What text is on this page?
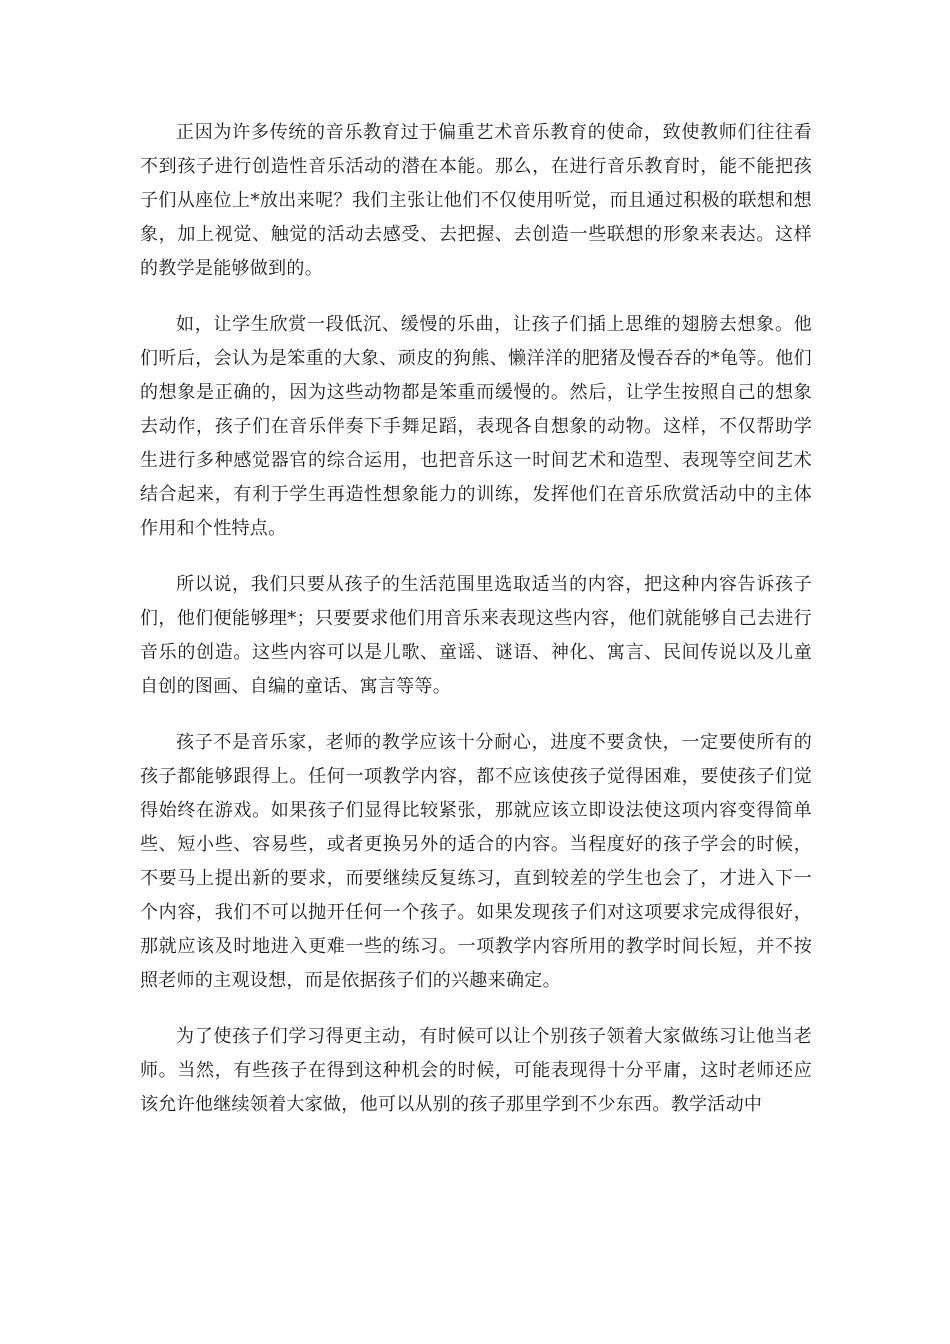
正因为许多传统的音乐教育过于偏重艺术音乐教育的使命，致使教师们往往看不到孩子进行创造性音乐活动的潜在本能。那么，在进行音乐教育时，能不能把孩子们从座位上*放出来呢？我们主张让他们不仅使用听觉，而且通过积极的联想和想象，加上视觉、触觉的活动去感受、去把握、去创造一些联想的形象来表达。这样的教学是能够做到的。

如，让学生欣赏一段低沉、缓慢的乐曲，让孩子们插上思维的翅膀去想象。他们听后，会认为是笨重的大象、顽皮的狗熊、懒洋洋的肥猪及慢吞吞的*龟等。他们的想象是正确的，因为这些动物都是笨重而缓慢的。然后，让学生按照自己的想象去动作，孩子们在音乐伴奏下手舞足蹈，表现各自想象的动物。这样，不仅帮助学生进行多种感觉器官的综合运用，也把音乐这一时间艺术和造型、表现等空间艺术结合起来，有利于学生再造性想象能力的训练，发挥他们在音乐欣赏活动中的主体作用和个性特点。

所以说，我们只要从孩子的生活范围里选取适当的内容，把这种内容告诉孩子们，他们便能够理*；只要要求他们用音乐来表现这些内容，他们就能够自己去进行音乐的创造。这些内容可以是儿歌、童谣、谜语、神化、寓言、民间传说以及儿童自创的图画、自编的童话、寓言等等。

孩子不是音乐家，老师的教学应该十分耐心，进度不要贪快，一定要使所有的孩子都能够跟得上。任何一项教学内容，都不应该使孩子觉得困难，要使孩子们觉得始终在游戏。如果孩子们显得比较紧张，那就应该立即设法使这项内容变得简单些、短小些、容易些，或者更换另外的适合的内容。当程度好的孩子学会的时候，不要马上提出新的要求，而要继续反复练习，直到较差的学生也会了，才进入下一个内容，我们不可以抛开任何一个孩子。如果发现孩子们对这项要求完成得很好，那就应该及时地进入更难一些的练习。一项教学内容所用的教学时间长短，并不按照老师的主观设想，而是依据孩子们的兴趣来确定。

为了使孩子们学习得更主动，有时候可以让个别孩子领着大家做练习让他当老师。当然，有些孩子在得到这种机会的时候，可能表现得十分平庸，这时老师还应该允许他继续领着大家做，他可以从别的孩子那里学到不少东西。教学活动中
